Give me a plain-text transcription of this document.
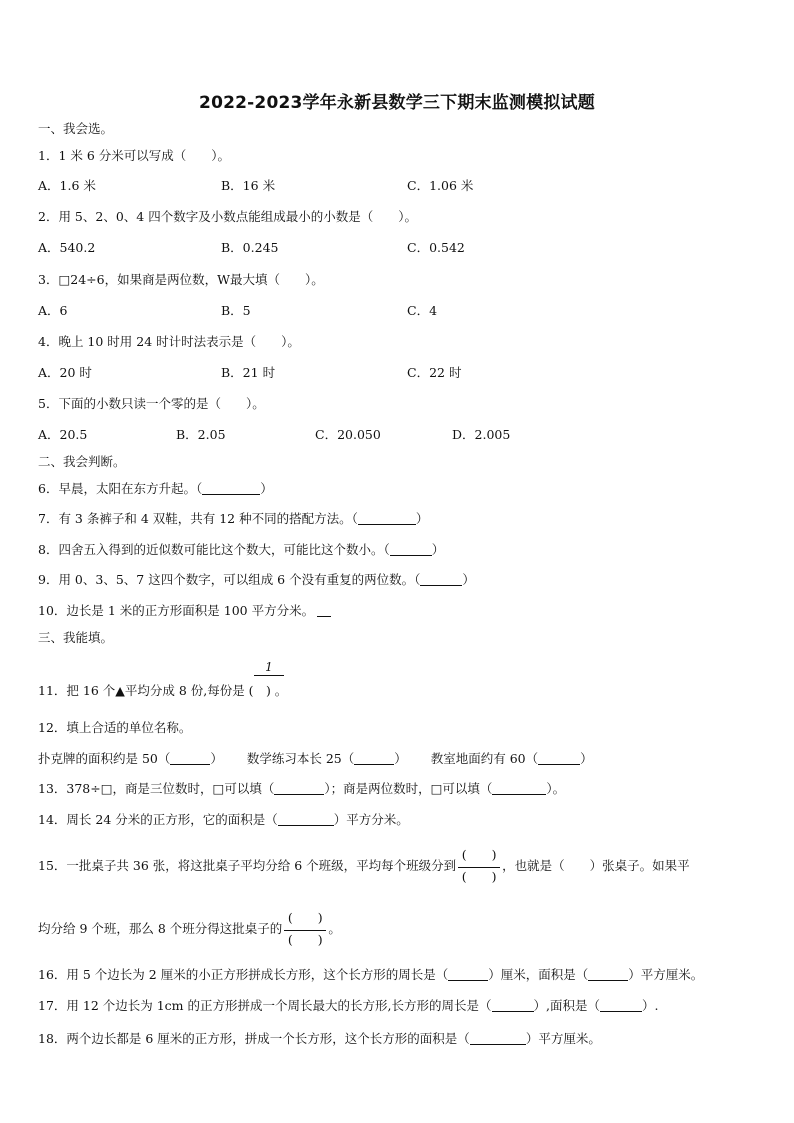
2022-2023学年永新县数学三下期末监测模拟试题
一、我会选。
1．1 米 6 分米可以写成（　　）。
A．1.6 米	B．16 米	C．1.06 米
2．用 5、2、0、4 四个数字及小数点能组成最小的小数是（　　）。
A．540.2	B．0.245	C．0.542
3．□24÷6，如果商是两位数，W最大填（　　）。
A．6	B．5	C．4
4．晚上 10 时用 24 时计时法表示是（　　）。
A．20 时	B．21 时	C．22 时
5．下面的小数只读一个零的是（　　）。
A．20.5	B．2.05	C．20.050	D．2.005
二、我会判断。
6．早晨，太阳在东方升起。（	）
7．有 3 条裤子和 4 双鞋，共有 12 种不同的搭配方法。（	）
8．四舍五入得到的近似数可能比这个数大，可能比这个数小。（	）
9．用 0、3、5、7 这四个数字，可以组成 6 个没有重复的两位数。（	）
10．边长是 1 米的正方形面积是 100 平方分米。
三、我能填。
1
11．把 16 个▲平均分成 8 份,每份是 (　) 。
12．填上合适的单位名称。
扑克牌的面积约是 50（	） 数学练习本长 25（	） 教室地面约有 60（	）
13．378÷□，商是三位数时，□可以填（	）；商是两位数时，□可以填（	）。
14．周长 24 分米的正方形，它的面积是（	）平方分米。
15．一批桌子共 36 张，将这批桌子平均分给 6 个班级，平均每个班级分到
$\frac{( )}{( )}$
，也就是（　　）张桌子。如果平
均分给 9 个班，那么 8 个班分得这批桌子的
$\frac{( )}{( )}$
。
16．用 5 个边长为 2 厘米的小正方形拼成长方形，这个长方形的周长是（	）厘米，面积是（	）平方厘米。
17．用 12 个边长为 1cm 的正方形拼成一个周长最大的长方形,长方形的周长是（	）,面积是（	）.
18．两个边长都是 6 厘米的正方形，拼成一个长方形，这个长方形的面积是（	）平方厘米。
